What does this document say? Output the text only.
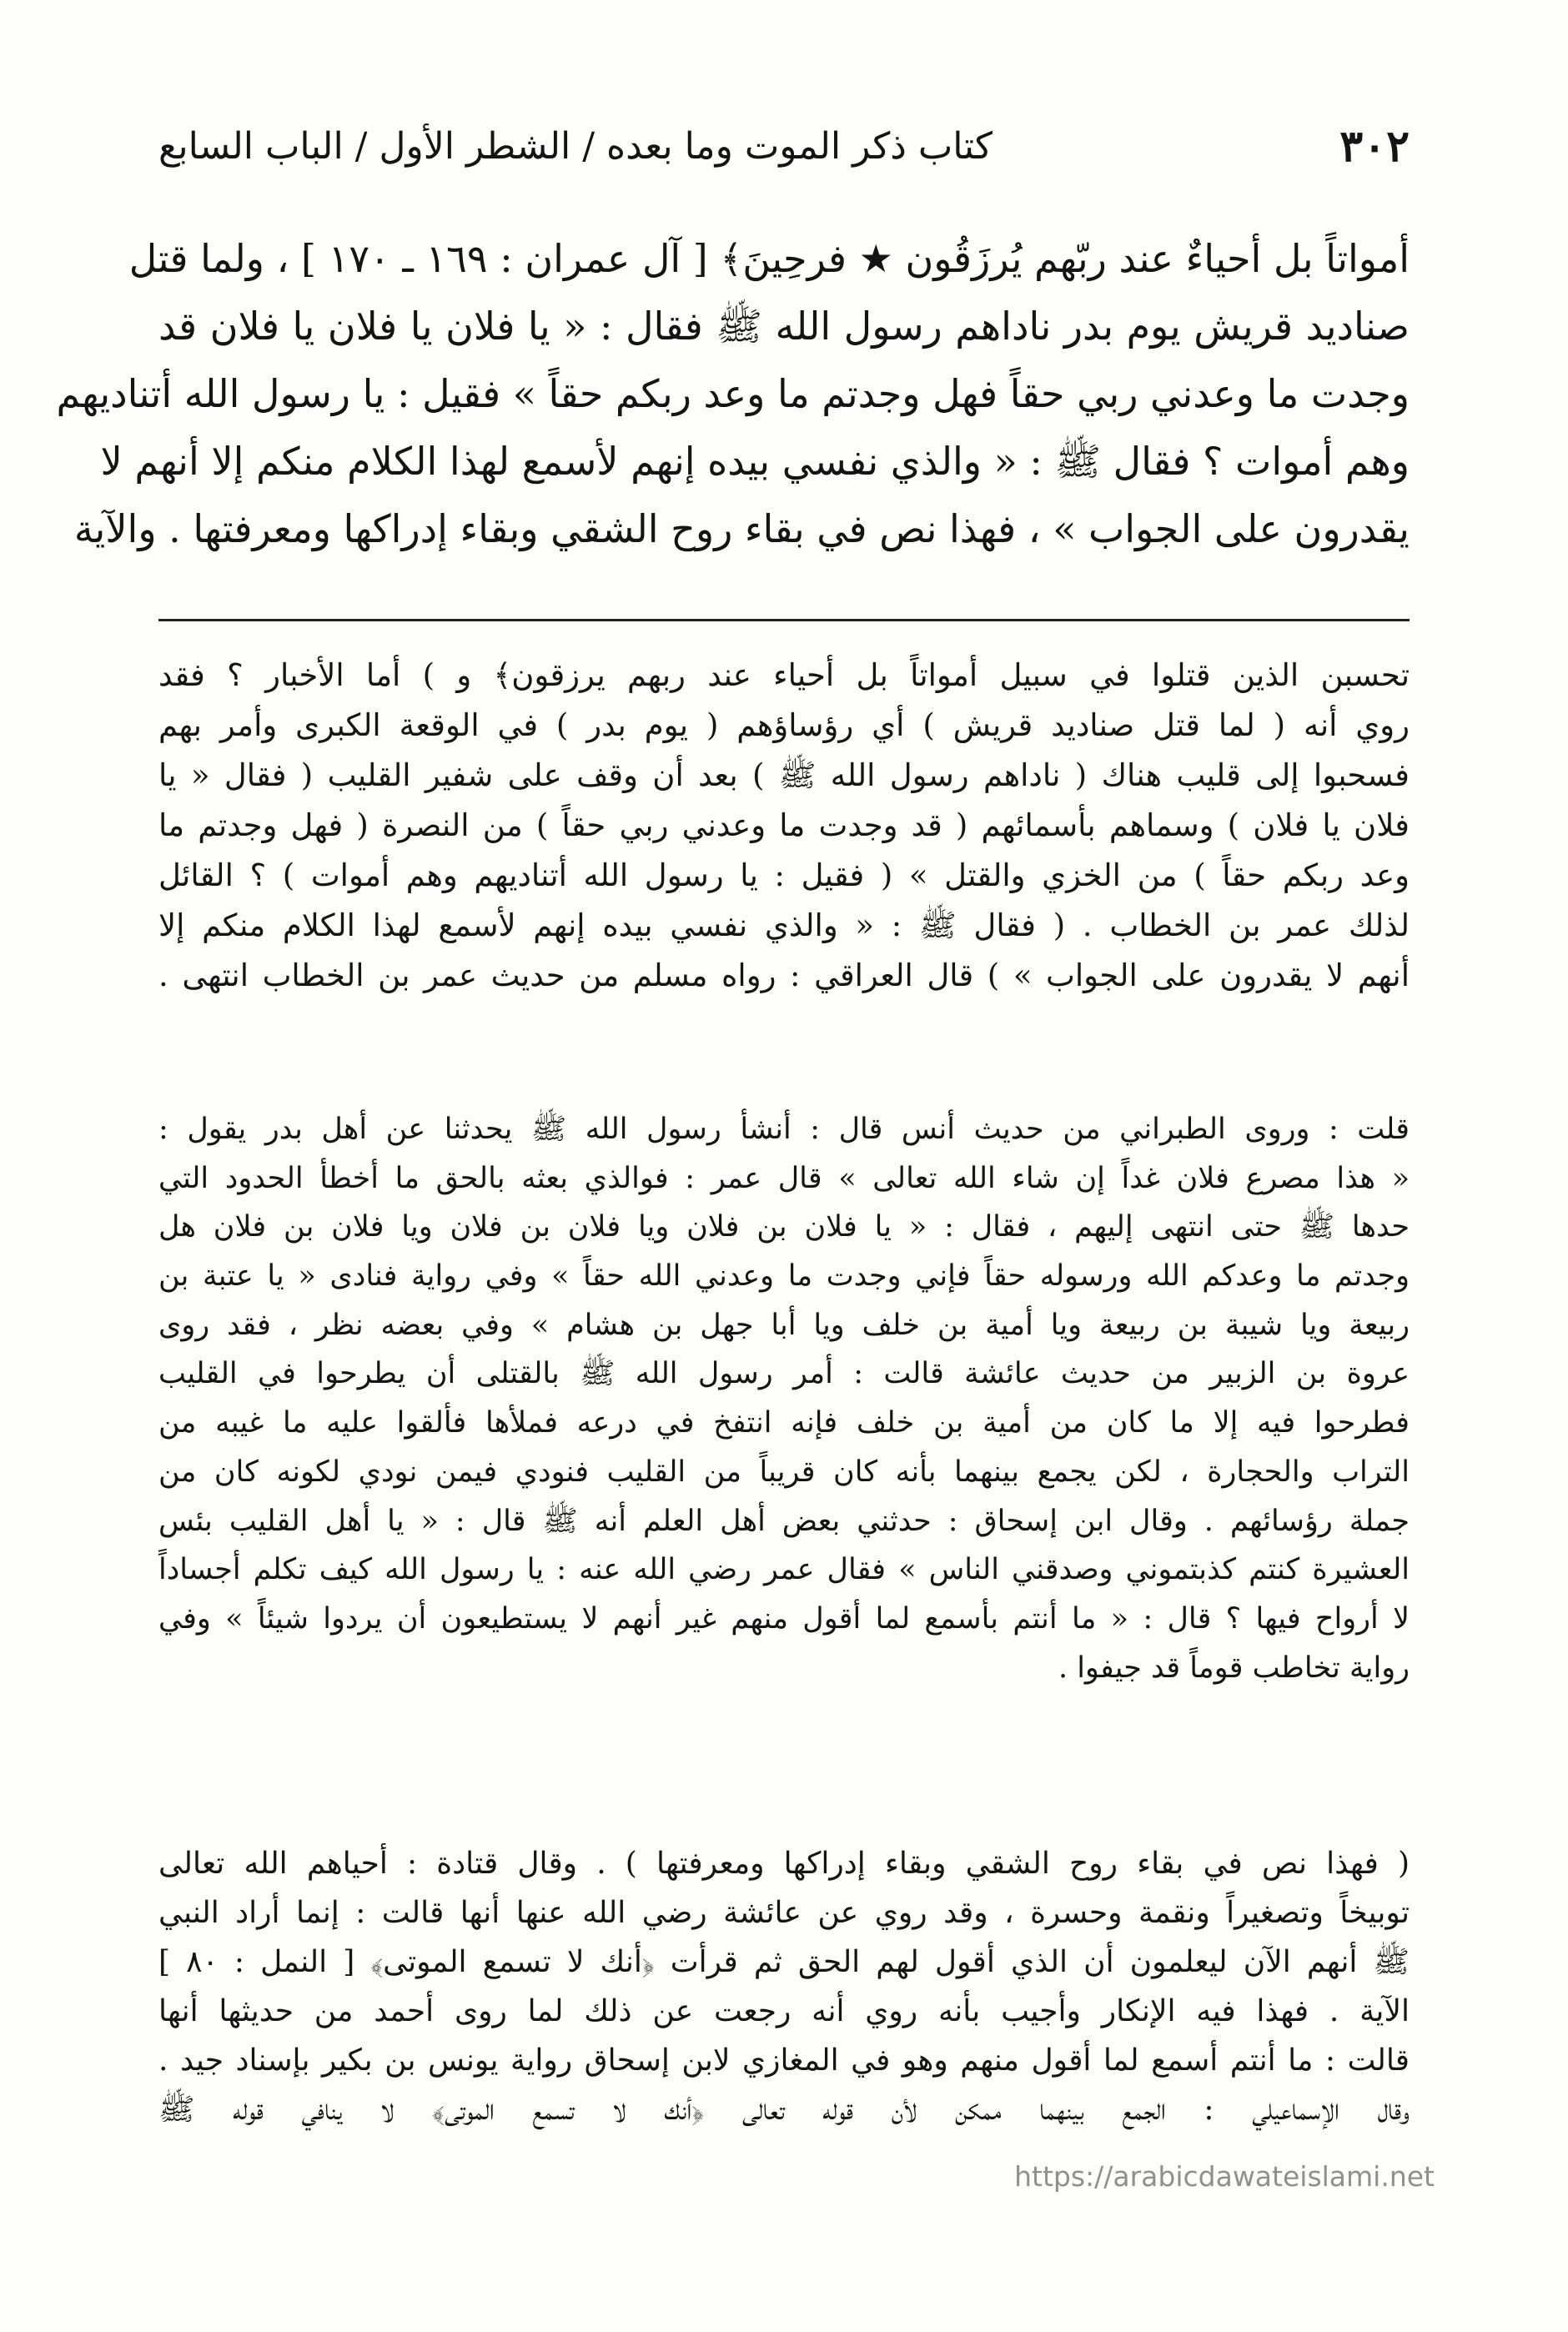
٣٠٢
كتاب ذكر الموت وما بعده / الشطر الأول / الباب السابع
أمواتاً بل أحياءٌ عند ربّهم يُرزَقُون ★ فرحِينَ﴾ [ آل عمران : ١٦٩ ـ ١٧٠ ] ، ولما قتل
صناديد قريش يوم بدر ناداهم رسول الله ﷺ فقال : « يا فلان يا فلان يا فلان قد
وجدت ما وعدني ربي حقاً فهل وجدتم ما وعد ربكم حقاً » فقيل : يا رسول الله أتناديهم
وهم أموات ؟ فقال ﷺ : « والذي نفسي بيده إنهم لأسمع لهذا الكلام منكم إلا أنهم لا
يقدرون على الجواب » ، فهذا نص في بقاء روح الشقي وبقاء إدراكها ومعرفتها . والآية
تحسبن الذين قتلوا في سبيل أمواتاً بل أحياء عند ربهم يرزقون﴾ و ) أما الأخبار ؟ فقد
روي أنه ( لما قتل صناديد قريش ) أي رؤساؤهم ( يوم بدر ) في الوقعة الكبرى وأمر بهم
فسحبوا إلى قليب هناك ( ناداهم رسول الله ﷺ ) بعد أن وقف على شفير القليب ( فقال « يا
فلان يا فلان ) وسماهم بأسمائهم ( قد وجدت ما وعدني ربي حقاً ) من النصرة ( فهل وجدتم ما
وعد ربكم حقاً ) من الخزي والقتل » ( فقيل : يا رسول الله أتناديهم وهم أموات ) ؟ القائل
لذلك عمر بن الخطاب . ( فقال ﷺ : « والذي نفسي بيده إنهم لأسمع لهذا الكلام منكم إلا
أنهم لا يقدرون على الجواب » ) قال العراقي : رواه مسلم من حديث عمر بن الخطاب انتهى .
قلت : وروى الطبراني من حديث أنس قال : أنشأ رسول الله ﷺ يحدثنا عن أهل بدر يقول :
« هذا مصرع فلان غداً إن شاء الله تعالى » قال عمر : فوالذي بعثه بالحق ما أخطأ الحدود التي
حدها ﷺ حتى انتهى إليهم ، فقال : « يا فلان بن فلان ويا فلان بن فلان ويا فلان بن فلان هل
وجدتم ما وعدكم الله ورسوله حقاً فإني وجدت ما وعدني الله حقاً » وفي رواية فنادى « يا عتبة بن
ربيعة ويا شيبة بن ربيعة ويا أمية بن خلف ويا أبا جهل بن هشام » وفي بعضه نظر ، فقد روى
عروة بن الزبير من حديث عائشة قالت : أمر رسول الله ﷺ بالقتلى أن يطرحوا في القليب
فطرحوا فيه إلا ما كان من أمية بن خلف فإنه انتفخ في درعه فملأها فألقوا عليه ما غيبه من
التراب والحجارة ، لكن يجمع بينهما بأنه كان قريباً من القليب فنودي فيمن نودي لكونه كان من
جملة رؤسائهم . وقال ابن إسحاق : حدثني بعض أهل العلم أنه ﷺ قال : « يا أهل القليب بئس
العشيرة كنتم كذبتموني وصدقني الناس » فقال عمر رضي الله عنه : يا رسول الله كيف تكلم أجساداً
لا أرواح فيها ؟ قال : « ما أنتم بأسمع لما أقول منهم غير أنهم لا يستطيعون أن يردوا شيئاً » وفي
رواية تخاطب قوماً قد جيفوا .
( فهذا نص في بقاء روح الشقي وبقاء إدراكها ومعرفتها ) . وقال قتادة : أحياهم الله تعالى
توبيخاً وتصغيراً ونقمة وحسرة ، وقد روي عن عائشة رضي الله عنها أنها قالت : إنما أراد النبي
ﷺ أنهم الآن ليعلمون أن الذي أقول لهم الحق ثم قرأت ﴿أنك لا تسمع الموتى﴾ [ النمل : ٨٠ ]
الآية . فهذا فيه الإنكار وأجيب بأنه روي أنه رجعت عن ذلك لما روى أحمد من حديثها أنها
قالت : ما أنتم أسمع لما أقول منهم وهو في المغازي لابن إسحاق رواية يونس بن بكير بإسناد جيد .
وقال الإسماعيلي : الجمع بينهما ممكن لأن قوله تعالى ﴿أنك لا تسمع الموتى﴾ لا ينافي قوله ﷺ
https://arabicdawateislami.net
